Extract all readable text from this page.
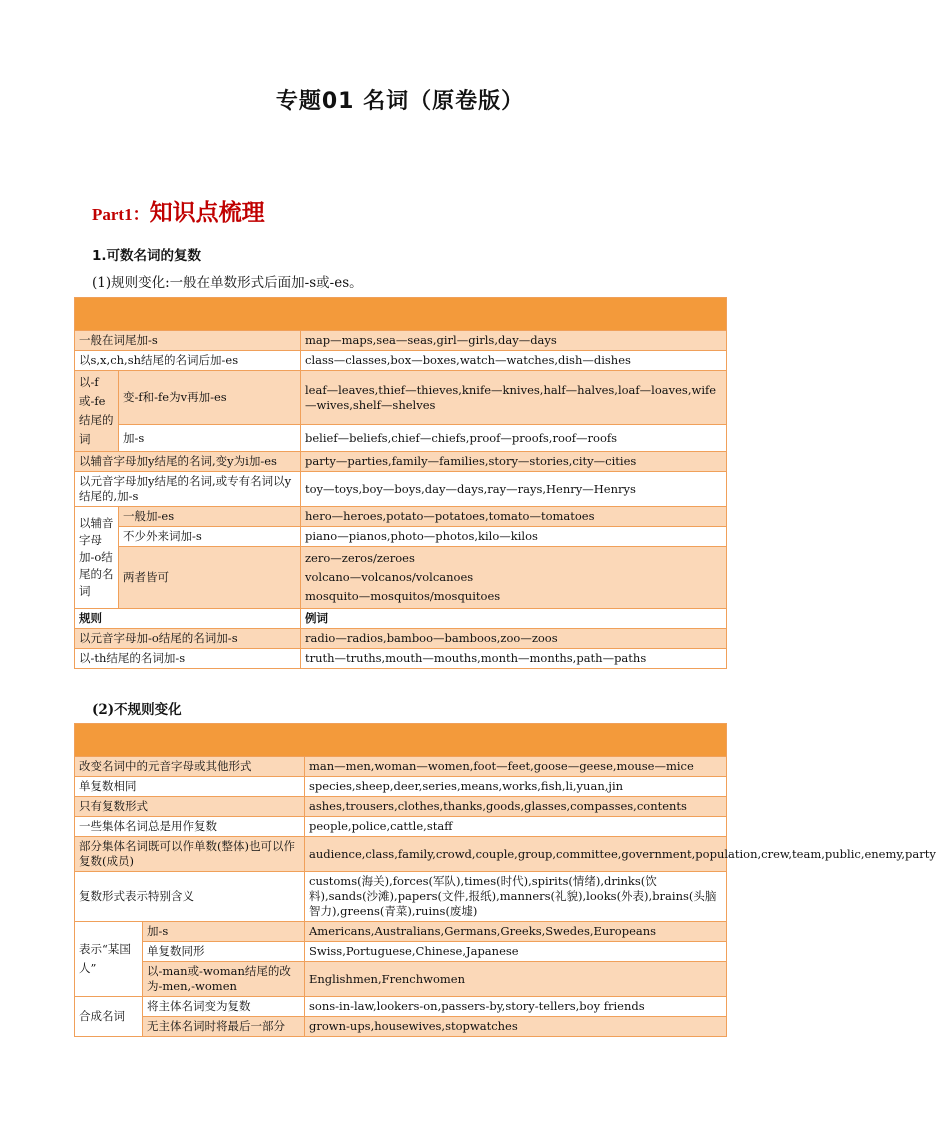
专题01 名词（原卷版）
Part1：知识点梳理
1.可数名词的复数
(1)规则变化:一般在单数形式后面加-s或-es。

一般在词尾加-s		map—maps,sea—seas,girl—girls,day—days
以s,x,ch,sh结尾的名词后加-es		class—classes,box—boxes,watch—watches,dish—dishes
以-f或-fe结尾的词	变-f和-fe为v再加-es	leaf—leaves,thief—thieves,knife—knives,half—halves,loaf—loaves,wife—wives,shelf—shelves
	加-s	belief—beliefs,chief—chiefs,proof—proofs,roof—roofs
以辅音字母加y结尾的名词,变y为i加-es		party—parties,family—families,story—stories,city—cities
以元音字母加y结尾的名词,或专有名词以y结尾的,加-s		toy—toys,boy—boys,day—days,ray—rays,Henry—Henrys
以辅音字母加-o结尾的名词	一般加-es	hero—heroes,potato—potatoes,tomato—tomatoes
	不少外来词加-s	piano—pianos,photo—photos,kilo—kilos
	两者皆可	zero—zeros/zeroes
volcano—volcanos/volcanoes
mosquito—mosquitos/mosquitoes

规则		例词
以元音字母加-o结尾的名词加-s		radio—radios,bamboo—bamboos,zoo—zoos
以-th结尾的名词加-s		truth—truths,mouth—mouths,month—months,path—paths
(2)不规则变化

改变名词中的元音字母或其他形式		man—men,woman—women,foot—feet,goose—geese,mouse—mice
单复数相同		species,sheep,deer,series,means,works,fish,li,yuan,jin
只有复数形式		ashes,trousers,clothes,thanks,goods,glasses,compasses,contents
一些集体名词总是用作复数		people,police,cattle,staff
部分集体名词既可以作单数(整体)也可以作复数(成员)		audience,class,family,crowd,couple,group,committee,government,population,crew,team,public,enemy,party
复数形式表示特别含义		customs(海关),forces(军队),times(时代),spirits(情绪),drinks(饮料),sands(沙滩),papers(文件,报纸),manners(礼貌),looks(外表),brains(头脑智力),greens(青菜),ruins(废墟)
表示“某国人”	加-s	Americans,Australians,Germans,Greeks,Swedes,Europeans
	单复数同形	Swiss,Portuguese,Chinese,Japanese
	以-man或-woman结尾的改为-men,-women	Englishmen,Frenchwomen
合成名词	将主体名词变为复数	sons-in-law,lookers-on,passers-by,story-tellers,boy friends
	无主体名词时将最后一部分	grown-ups,housewives,stopwatches
